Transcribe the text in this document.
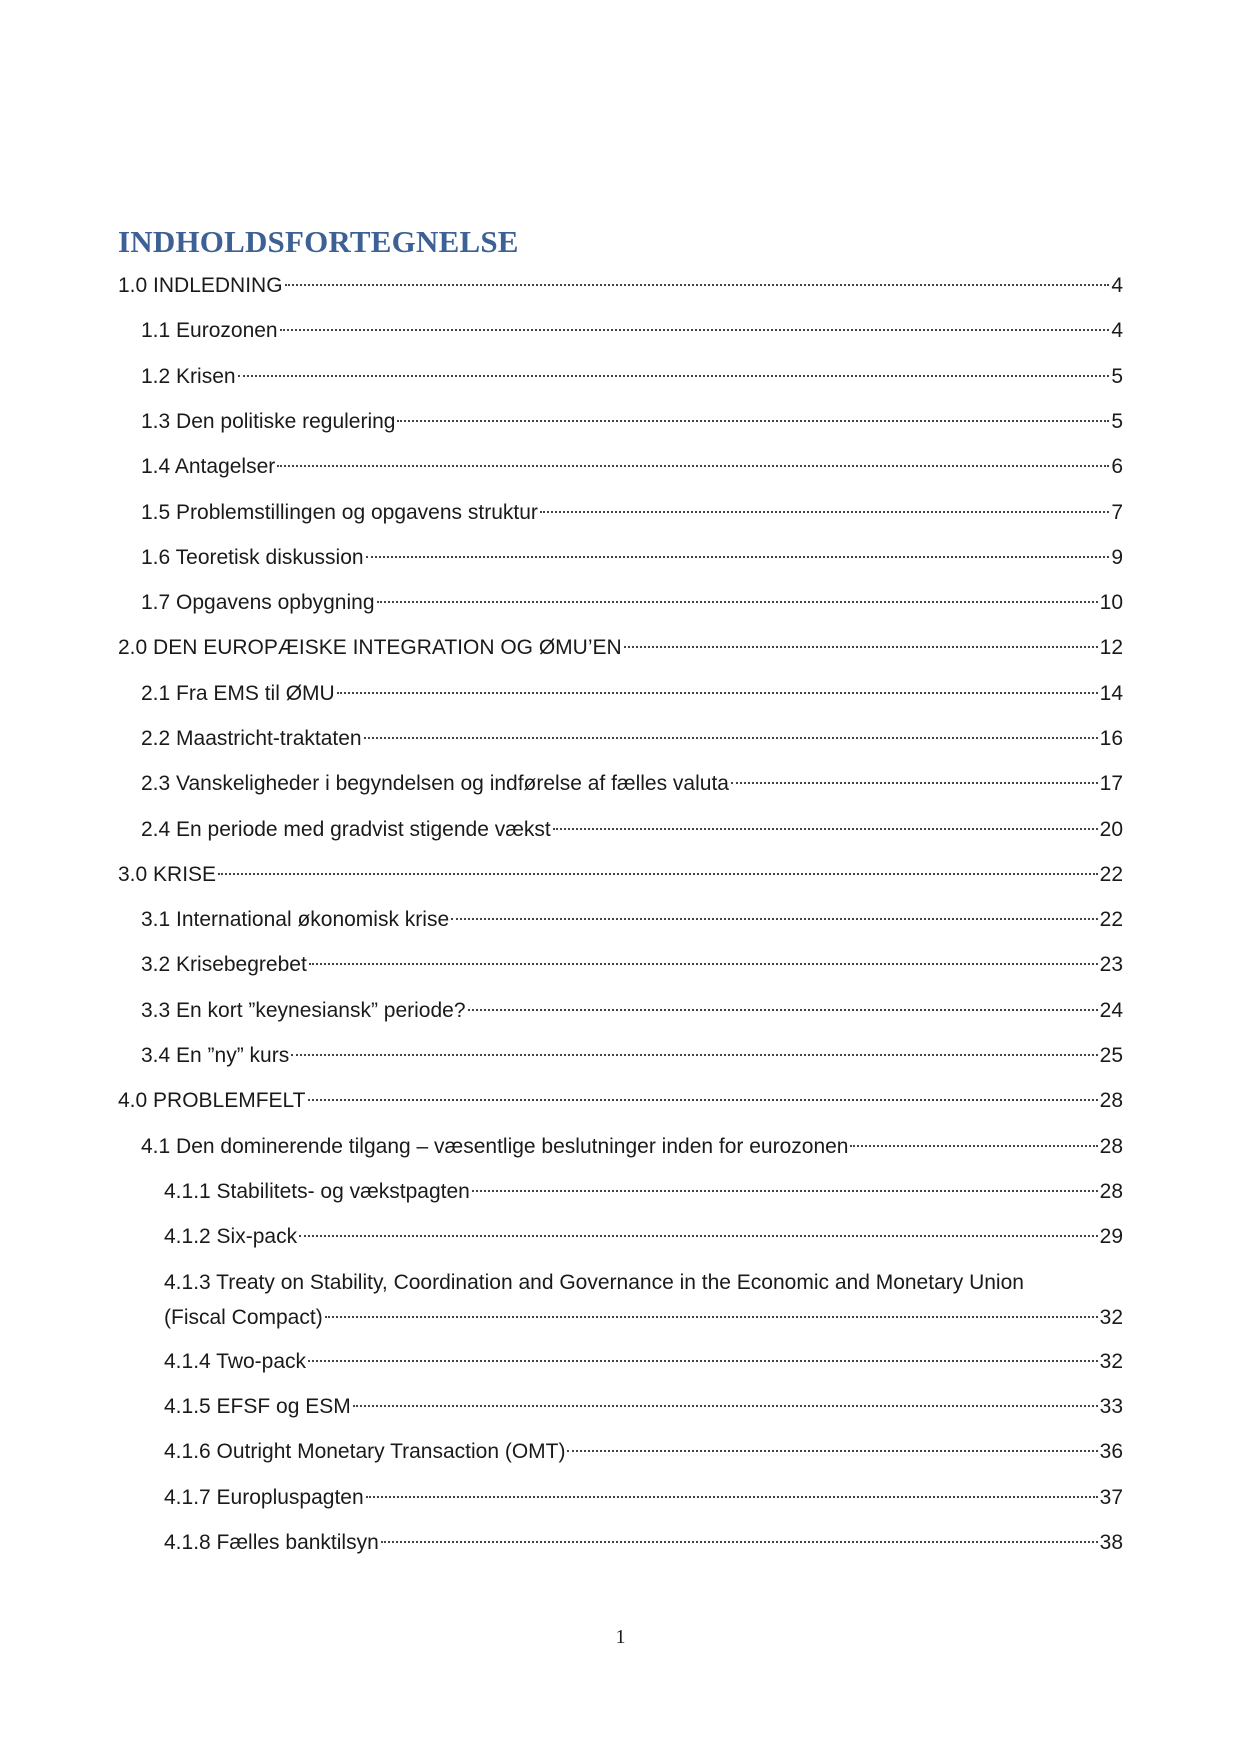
INDHOLDSFORTEGNELSE
1.0 INDLEDNING	4
1.1 Eurozonen	4
1.2 Krisen	5
1.3 Den politiske regulering	5
1.4 Antagelser	6
1.5 Problemstillingen og opgavens struktur	7
1.6 Teoretisk diskussion	9
1.7 Opgavens opbygning	10
2.0 DEN EUROPÆISKE INTEGRATION OG ØMU’EN	12
2.1 Fra EMS til ØMU	14
2.2 Maastricht-traktaten	16
2.3 Vanskeligheder i begyndelsen og indførelse af fælles valuta	17
2.4 En periode med gradvist stigende vækst	20
3.0 KRISE	22
3.1 International økonomisk krise	22
3.2 Krisebegrebet	23
3.3 En kort ”keynesiansk” periode?	24
3.4 En ”ny” kurs	25
4.0 PROBLEMFELT	28
4.1 Den dominerende tilgang – væsentlige beslutninger inden for eurozonen	28
4.1.1 Stabilitets- og vækstpagten	28
4.1.2 Six-pack	29
4.1.3 Treaty on Stability, Coordination and Governance in the Economic and Monetary Union
(Fiscal Compact)	32
4.1.4 Two-pack	32
4.1.5 EFSF og ESM	33
4.1.6 Outright Monetary Transaction (OMT)	36
4.1.7 Europluspagten	37
4.1.8 Fælles banktilsyn	38
1
